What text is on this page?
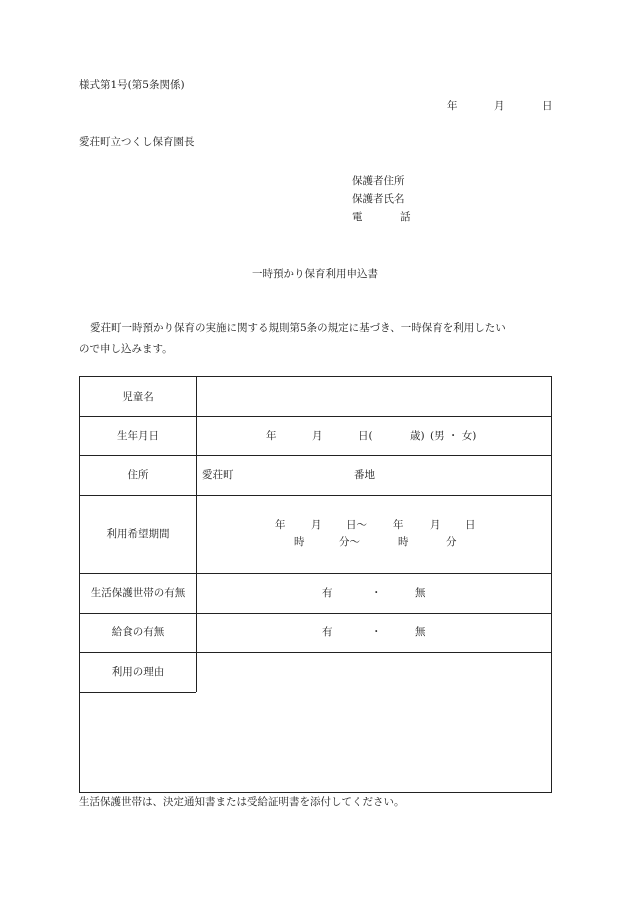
様式第1号(第5条関係)
年	月	日
愛荘町立つくし保育園長
保護者住所
保護者氏名
電	話
一時預かり保育利用申込書
愛荘町一時預かり保育の実施に関する規則第5条の規定に基づき、一時保育を利用したい
ので申し込みます。
児童名
生年月日	年	月	日(	歳) (男 ・ 女)
住所	愛荘町	番地
利用希望期間
年 月 日〜 年	月 日
時	分〜	時	分
生活保護世帯の有無	有	・	無
給食の有無	有	・	無
利用の理由
生活保護世帯は、決定通知書または受給証明書を添付してください。
